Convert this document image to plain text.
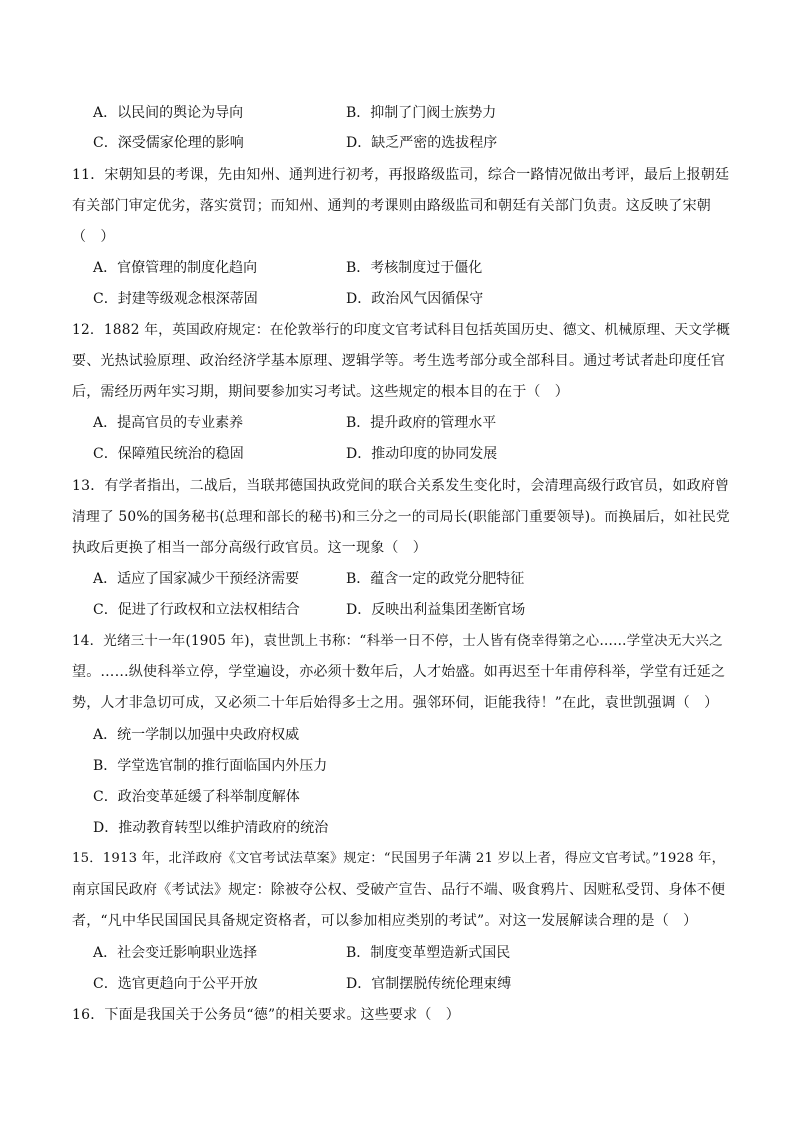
A．以民间的舆论为导向	B．抑制了门阀士族势力
C．深受儒家伦理的影响	D．缺乏严密的选拔程序
11．宋朝知县的考课，先由知州、通判进行初考，再报路级监司，综合一路情况做出考评，最后上报朝廷
有关部门审定优劣，落实赏罚；而知州、通判的考课则由路级监司和朝廷有关部门负责。这反映了宋朝
（　）
A．官僚管理的制度化趋向	B．考核制度过于僵化
C．封建等级观念根深蒂固	D．政治风气因循保守
12．1882 年，英国政府规定：在伦敦举行的印度文官考试科目包括英国历史、德文、机械原理、天文学概
要、光热试验原理、政治经济学基本原理、逻辑学等。考生选考部分或全部科目。通过考试者赴印度任官
后，需经历两年实习期，期间要参加实习考试。这些规定的根本目的在于（　）
A．提高官员的专业素养	B．提升政府的管理水平
C．保障殖民统治的稳固	D．推动印度的协同发展
13．有学者指出，二战后，当联邦德国执政党间的联合关系发生变化时，会清理高级行政官员，如政府曾
清理了 50%的国务秘书(总理和部长的秘书)和三分之一的司局长(职能部门重要领导)。而换届后，如社民党
执政后更换了相当一部分高级行政官员。这一现象（　）
A．适应了国家减少干预经济需要	B．蕴含一定的政党分肥特征
C．促进了行政权和立法权相结合	D．反映出利益集团垄断官场
14．光绪三十一年(1905 年)，袁世凯上书称：“科举一日不停，士人皆有侥幸得第之心……学堂决无大兴之
望。……纵使科举立停，学堂遍设，亦必须十数年后，人才始盛。如再迟至十年甫停科举，学堂有迁延之
势，人才非急切可成，又必须二十年后始得多士之用。强邻环伺，讵能我待！”在此，袁世凯强调（　）
A．统一学制以加强中央政府权威
B．学堂选官制的推行面临国内外压力
C．政治变革延缓了科举制度解体
D．推动教育转型以维护清政府的统治
15．1913 年，北洋政府《文官考试法草案》规定：“民国男子年满 21 岁以上者，得应文官考试。”1928 年，
南京国民政府《考试法》规定：除被夺公权、受破产宣告、品行不端、吸食鸦片、因赃私受罚、身体不便
者，“凡中华民国国民具备规定资格者，可以参加相应类别的考试”。对这一发展解读合理的是（　）
A．社会变迁影响职业选择	B．制度变革塑造新式国民
C．选官更趋向于公平开放	D．官制摆脱传统伦理束缚
16．下面是我国关于公务员“德”的相关要求。这些要求（　）
